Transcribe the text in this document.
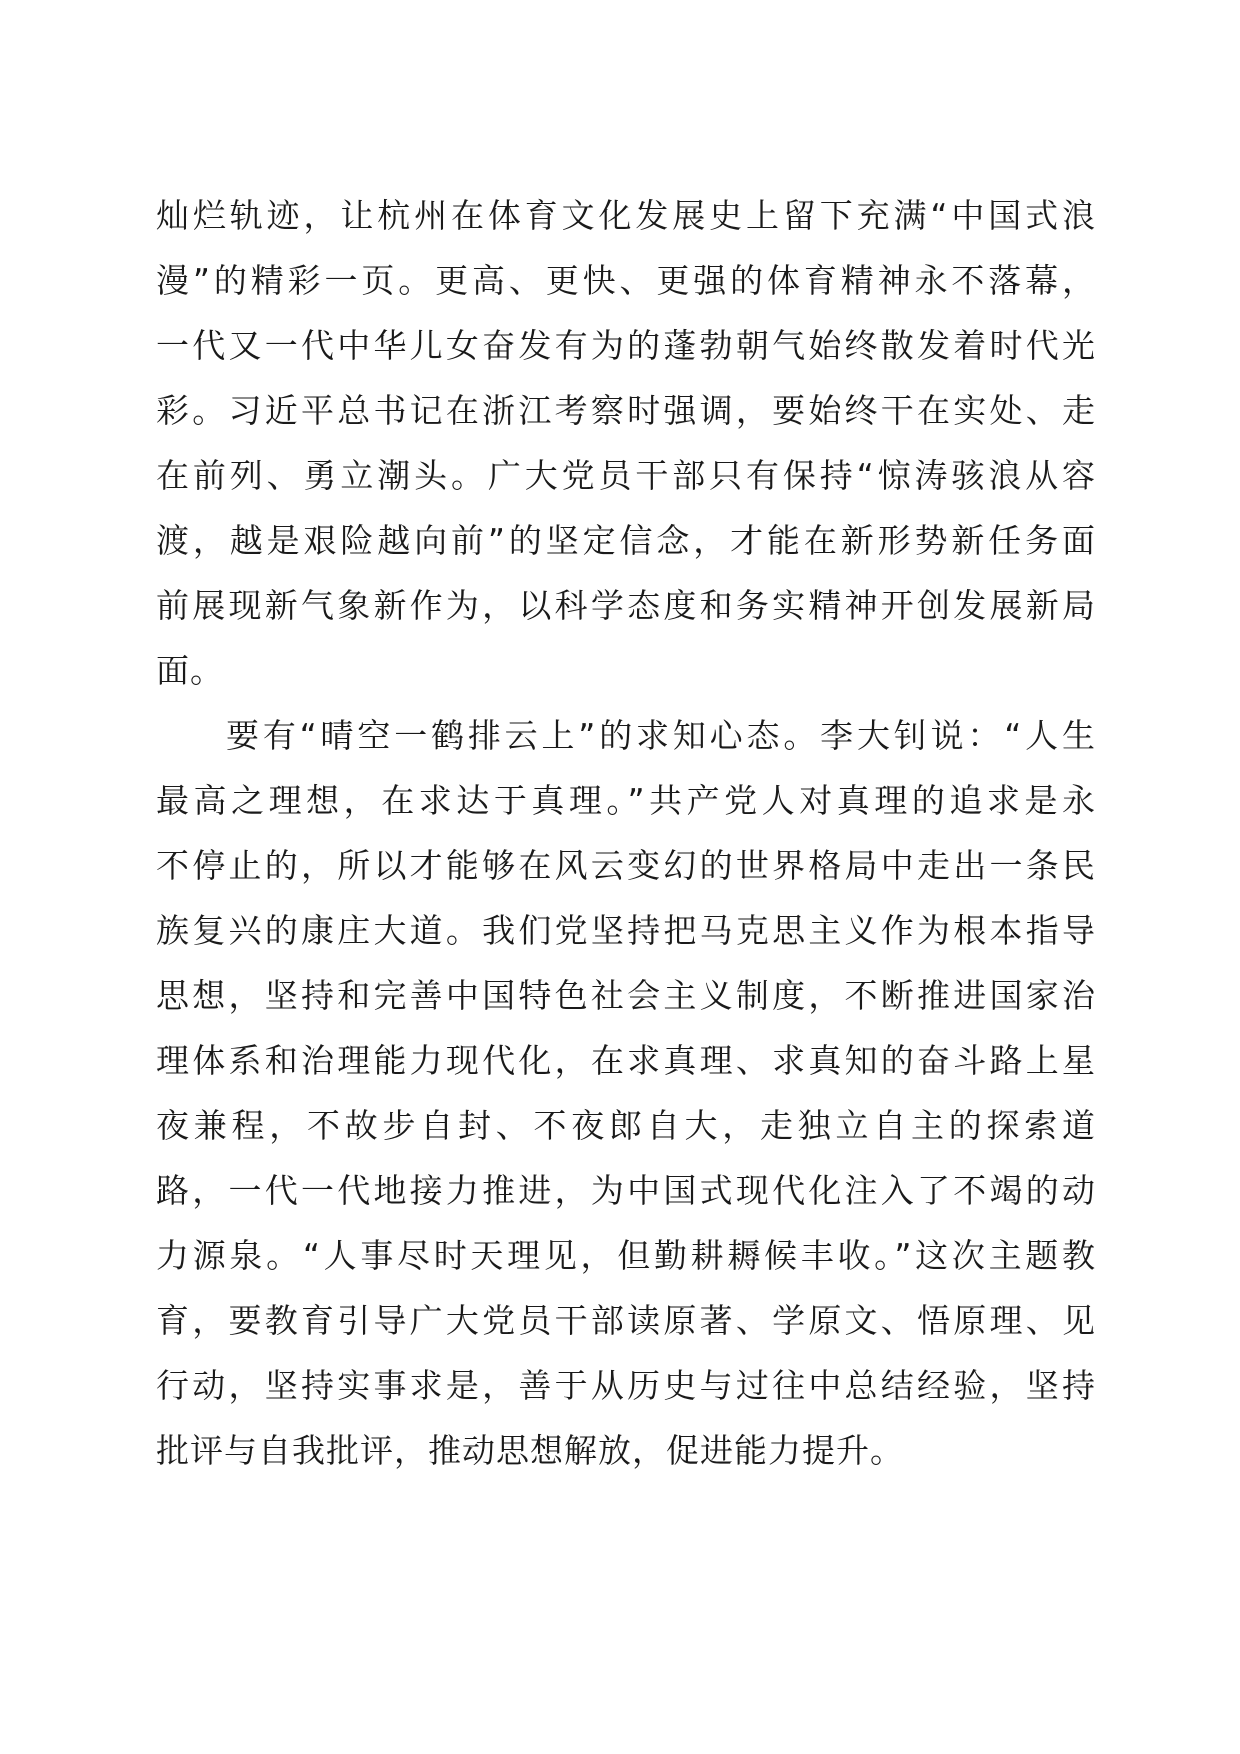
灿烂轨迹，让杭州在体育文化发展史上留下充满“中国式浪
漫”的精彩一页。更高、更快、更强的体育精神永不落幕，
一代又一代中华儿女奋发有为的蓬勃朝气始终散发着时代光
彩。习近平总书记在浙江考察时强调，要始终干在实处、走
在前列、勇立潮头。广大党员干部只有保持“惊涛骇浪从容
渡，越是艰险越向前”的坚定信念，才能在新形势新任务面
前展现新气象新作为，以科学态度和务实精神开创发展新局
面。
要有“晴空一鹤排云上”的求知心态。李大钊说：“人生
最高之理想，在求达于真理。”共产党人对真理的追求是永
不停止的，所以才能够在风云变幻的世界格局中走出一条民
族复兴的康庄大道。我们党坚持把马克思主义作为根本指导
思想，坚持和完善中国特色社会主义制度，不断推进国家治
理体系和治理能力现代化，在求真理、求真知的奋斗路上星
夜兼程，不故步自封、不夜郎自大，走独立自主的探索道
路，一代一代地接力推进，为中国式现代化注入了不竭的动
力源泉。“人事尽时天理见，但勤耕耨候丰收。”这次主题教
育，要教育引导广大党员干部读原著、学原文、悟原理、见
行动，坚持实事求是，善于从历史与过往中总结经验，坚持
批评与自我批评，推动思想解放，促进能力提升。
